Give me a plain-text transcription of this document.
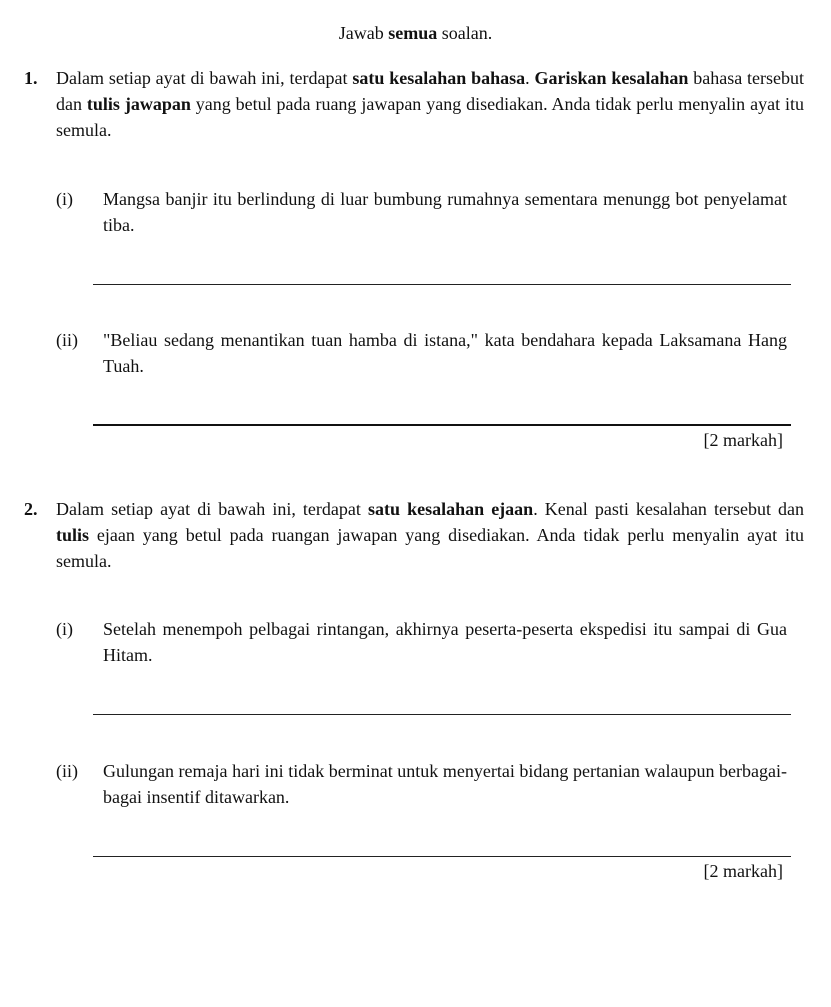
Jawab semua soalan.
1. Dalam setiap ayat di bawah ini, terdapat satu kesalahan bahasa. Gariskan kesalahan bahasa tersebut dan tulis jawapan yang betul pada ruang jawapan yang disediakan. Anda tidak perlu menyalin ayat itu semula.
(i) Mangsa banjir itu berlindung di luar bumbung rumahnya sementara menungg bot penyelamat tiba.
(ii) "Beliau sedang menantikan tuan hamba di istana," kata bendahara kepada Laksamana Hang Tuah.
[2 markah]
2. Dalam setiap ayat di bawah ini, terdapat satu kesalahan ejaan. Kenal pasti kesalahan tersebut dan tulis ejaan yang betul pada ruangan jawapan yang disediakan. Anda tidak perlu menyalin ayat itu semula.
(i) Setelah menempoh pelbagai rintangan, akhirnya peserta-peserta ekspedisi itu sampai di Gua Hitam.
(ii) Gulungan remaja hari ini tidak berminat untuk menyertai bidang pertanian walaupun berbagai-bagai insentif ditawarkan.
[2 markah]
